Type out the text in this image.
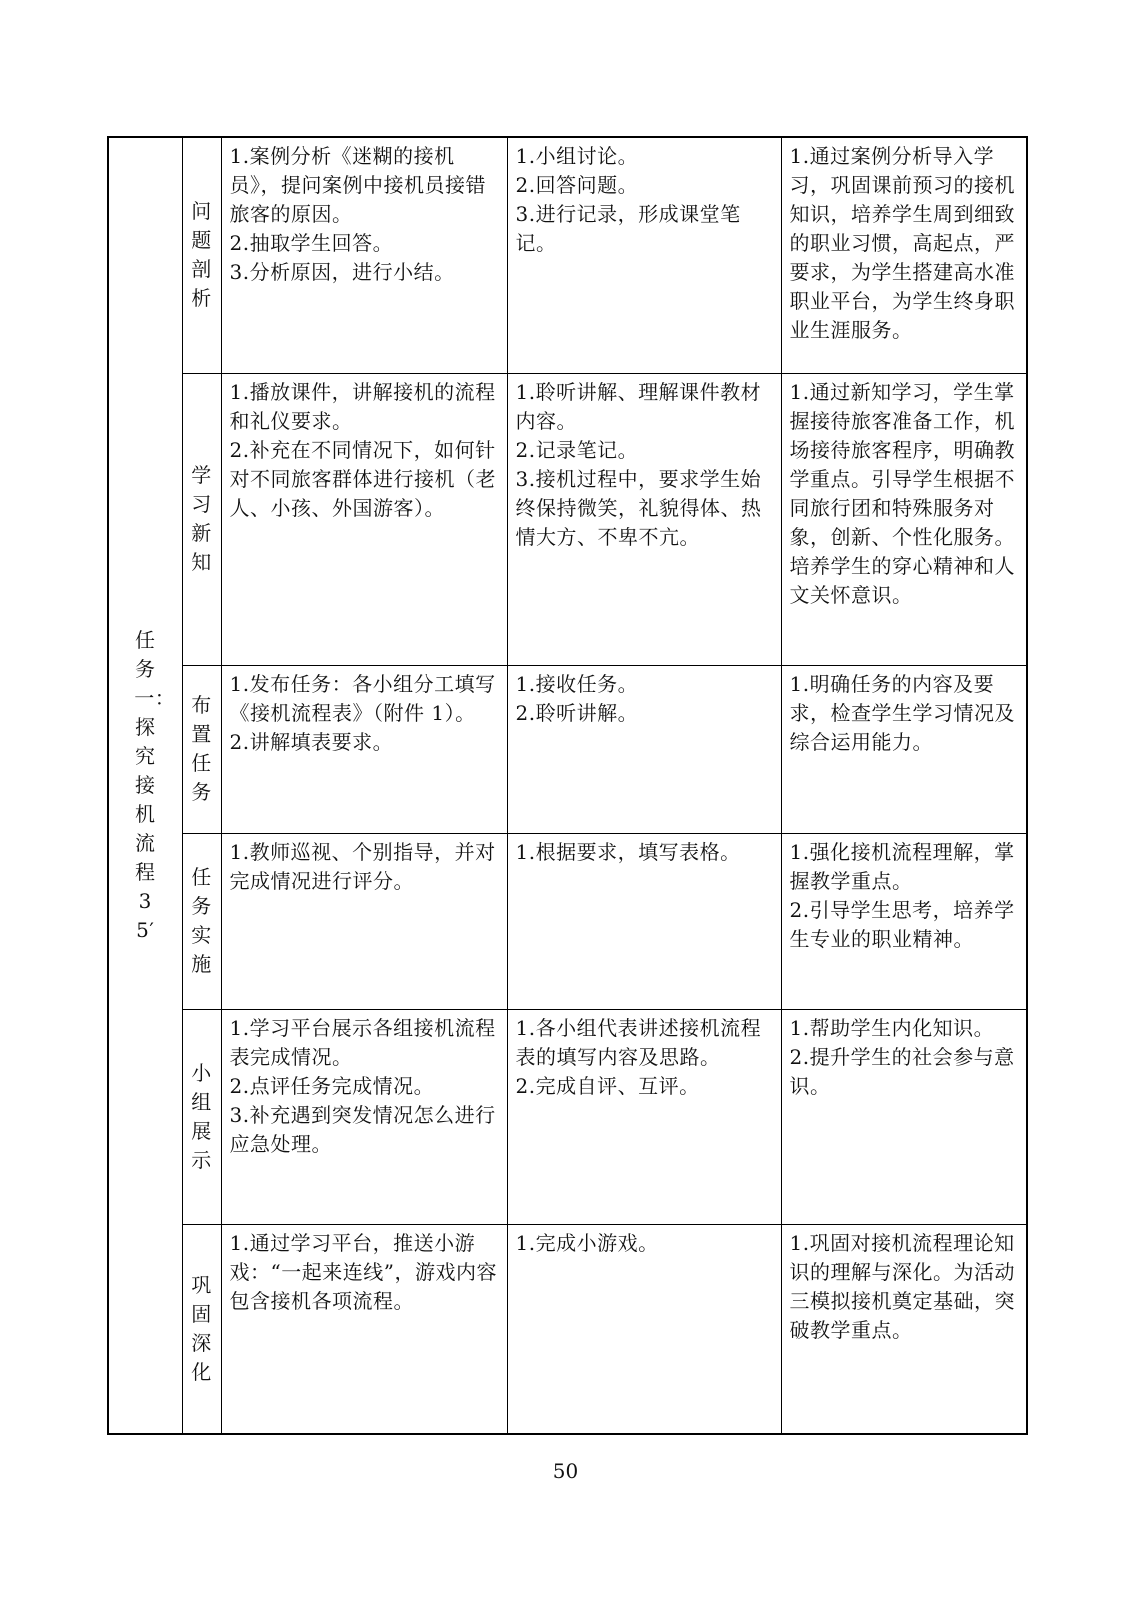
任务一：探究接机流程35′	问题剖析	1.案例分析《迷糊的接机员》，提问案例中接机员接错旅客的原因。
2.抽取学生回答。
3.分析原因，进行小结。	1.小组讨论。
2.回答问题。
3.进行记录，形成课堂笔记。	1.通过案例分析导入学习，巩固课前预习的接机知识，培养学生周到细致的职业习惯，高起点，严要求，为学生搭建高水准职业平台，为学生终身职业生涯服务。

	学习新知	1.播放课件，讲解接机的流程和礼仪要求。
2.补充在不同情况下，如何针对不同旅客群体进行接机（老人、小孩、外国游客）。	1.聆听讲解、理解课件教材内容。
2.记录笔记。
3.接机过程中，要求学生始终保持微笑，礼貌得体、热情大方、不卑不亢。	1.通过新知学习，学生掌握接待旅客准备工作，机场接待旅客程序，明确教学重点。引导学生根据不同旅行团和特殊服务对象，创新、个性化服务。培养学生的穿心精神和人文关怀意识。

	布置任务	1.发布任务：各小组分工填写《接机流程表》（附件 1）。
2.讲解填表要求。	1.接收任务。
2.聆听讲解。	1.明确任务的内容及要求，检查学生学习情况及综合运用能力。

	任务实施	1.教师巡视、个别指导，并对完成情况进行评分。	1.根据要求，填写表格。	1.强化接机流程理解，掌握教学重点。
2.引导学生思考，培养学生专业的职业精神。

	小组展示	1.学习平台展示各组接机流程表完成情况。
2.点评任务完成情况。
3.补充遇到突发情况怎么进行应急处理。	1.各小组代表讲述接机流程表的填写内容及思路。
2.完成自评、互评。	1.帮助学生内化知识。
2.提升学生的社会参与意识。

	巩固深化	1.通过学习平台，推送小游戏：“一起来连线”，游戏内容包含接机各项流程。	1.完成小游戏。	1.巩固对接机流程理论知识的理解与深化。为活动三模拟接机奠定基础，突破教学重点。
50
